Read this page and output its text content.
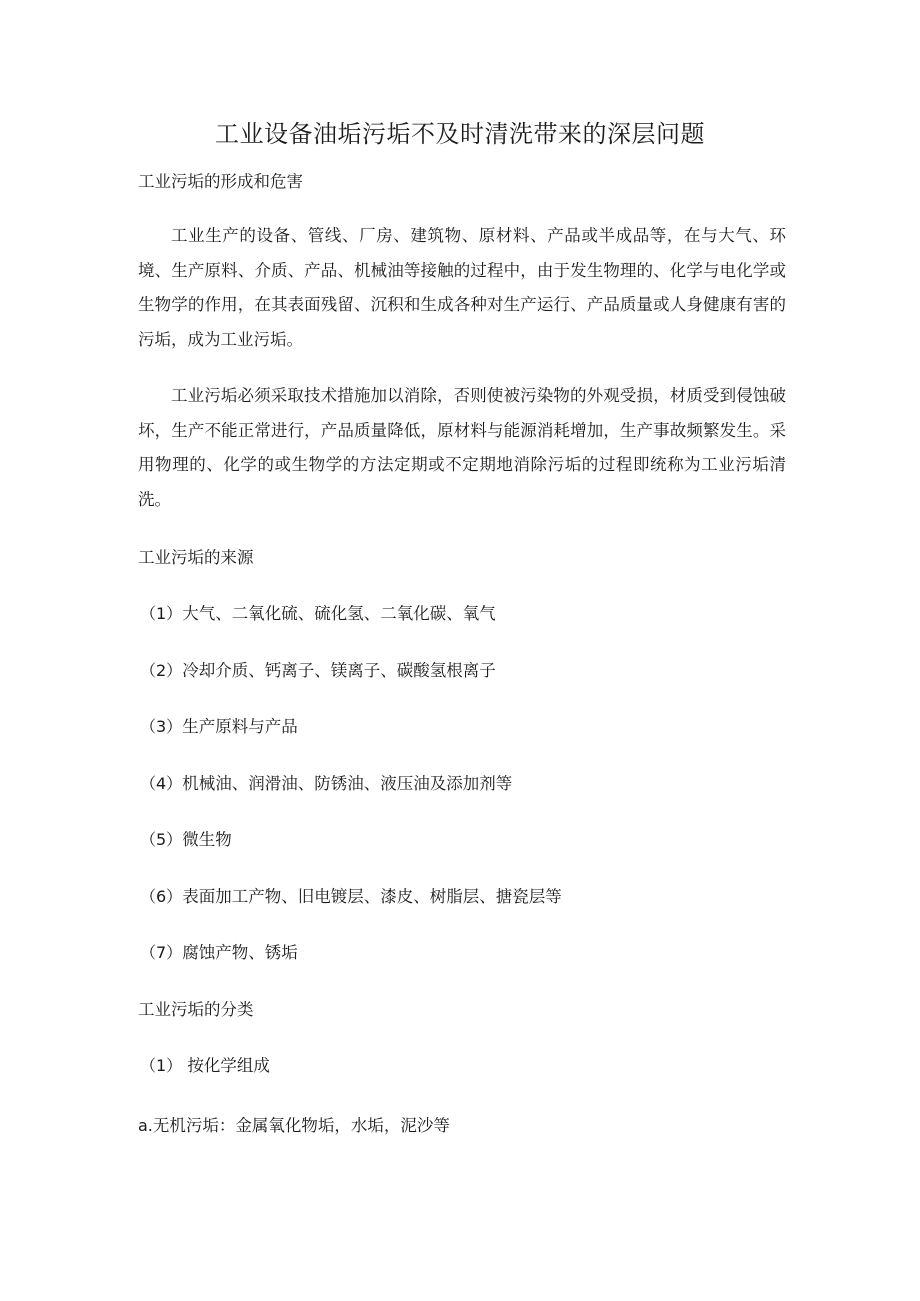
工业设备油垢污垢不及时清洗带来的深层问题
工业污垢的形成和危害
工业生产的设备、管线、厂房、建筑物、原材料、产品或半成品等，在与大气、环境、生产原料、介质、产品、机械油等接触的过程中，由于发生物理的、化学与电化学或生物学的作用，在其表面残留、沉积和生成各种对生产运行、产品质量或人身健康有害的污垢，成为工业污垢。
工业污垢必须采取技术措施加以消除，否则使被污染物的外观受损，材质受到侵蚀破坏，生产不能正常进行，产品质量降低，原材料与能源消耗增加，生产事故频繁发生。采用物理的、化学的或生物学的方法定期或不定期地消除污垢的过程即统称为工业污垢清洗。
工业污垢的来源
（1）大气、二氧化硫、硫化氢、二氧化碳、氧气
（2）冷却介质、钙离子、镁离子、碳酸氢根离子
（3）生产原料与产品
（4）机械油、润滑油、防锈油、液压油及添加剂等
（5）微生物
（6）表面加工产物、旧电镀层、漆皮、树脂层、搪瓷层等
（7）腐蚀产物、锈垢
工业污垢的分类
（1） 按化学组成
a.无机污垢：金属氧化物垢，水垢，泥沙等
